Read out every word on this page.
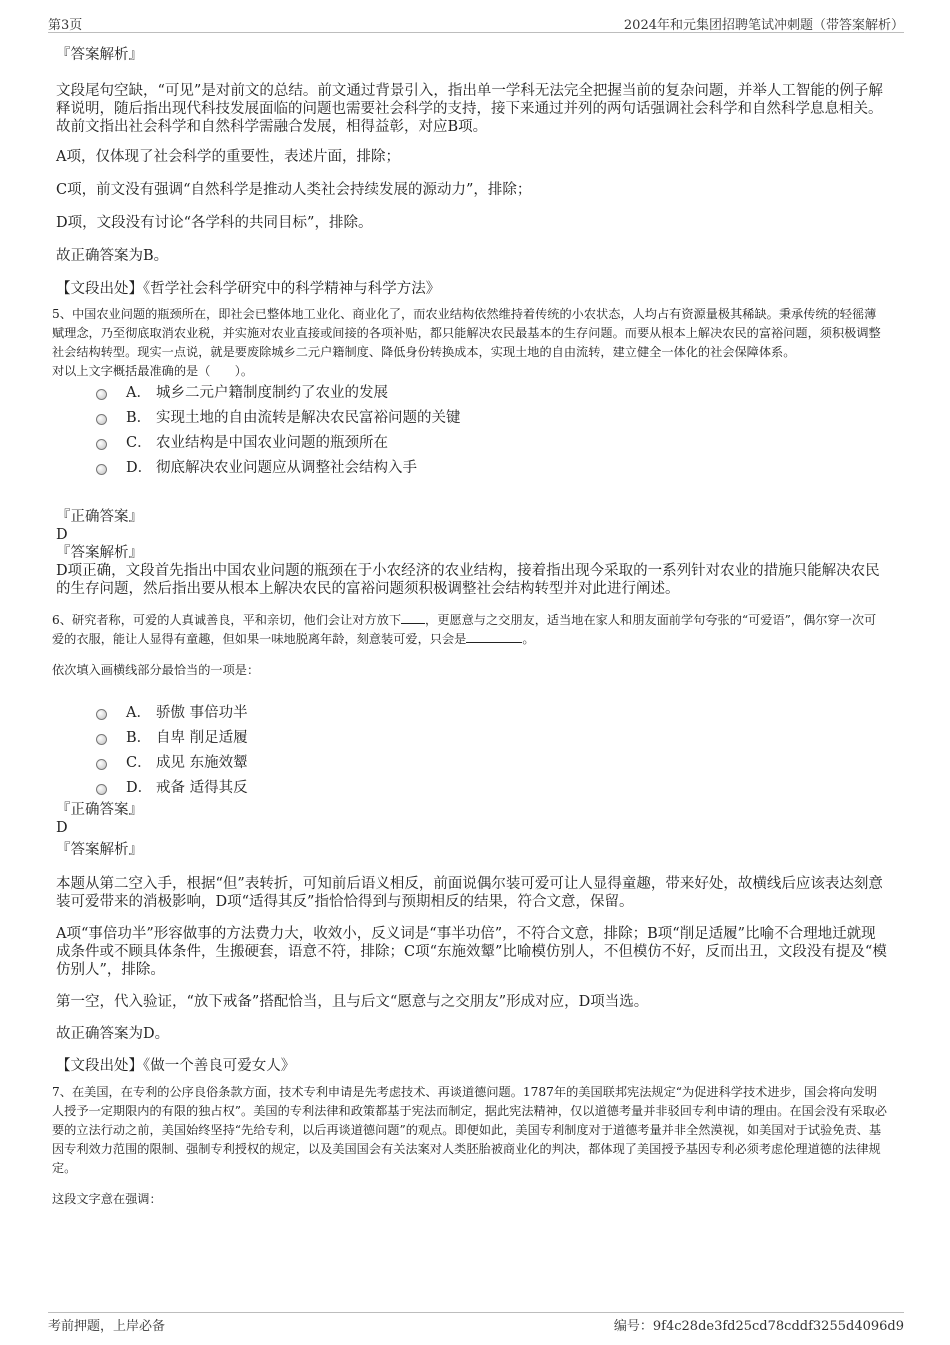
第3页	2024年和元集团招聘笔试冲刺题（带答案解析）

『答案解析』

文段尾句空缺，“可见”是对前文的总结。前文通过背景引入，指出单一学科无法完全把握当前的复杂问题，并举人工智能的例子解释说明，随后指出现代科技发展面临的问题也需要社会科学的支持，接下来通过并列的两句话强调社会科学和自然科学息息相关。故前文指出社会科学和自然科学需融合发展，相得益彰，对应B项。

A项，仅体现了社会科学的重要性，表述片面，排除；

C项，前文没有强调“自然科学是推动人类社会持续发展的源动力”，排除；

D项，文段没有讨论“各学科的共同目标”，排除。

故正确答案为B。

【文段出处】《哲学社会科学研究中的科学精神与科学方法》

5、中国农业问题的瓶颈所在，即社会已整体地工业化、商业化了，而农业结构依然维持着传统的小农状态，人均占有资源量极其稀缺。秉承传统的轻徭薄赋理念，乃至彻底取消农业税，并实施对农业直接或间接的各项补贴，都只能解决农民最基本的生存问题。而要从根本上解决农民的富裕问题，须积极调整社会结构转型。现实一点说，就是要废除城乡二元户籍制度、降低身份转换成本，实现土地的自由流转，建立健全一体化的社会保障体系。

对以上文字概括最准确的是（　　）。

A． 城乡二元户籍制度制约了农业的发展
B． 实现土地的自由流转是解决农民富裕问题的关键
C． 农业结构是中国农业问题的瓶颈所在
D． 彻底解决农业问题应从调整社会结构入手

『正确答案』

D

『答案解析』

D项正确，文段首先指出中国农业问题的瓶颈在于小农经济的农业结构，接着指出现今采取的一系列针对农业的措施只能解决农民的生存问题，然后指出要从根本上解决农民的富裕问题须积极调整社会结构转型并对此进行阐述。

6、研究者称，可爱的人真诚善良，平和亲切，他们会让对方放下 ，更愿意与之交朋友，适当地在家人和朋友面前学句夸张的“可爱语”，偶尔穿一次可爱的衣服，能让人显得有童趣，但如果一味地脱离年龄，刻意装可爱，只会是	。

依次填入画横线部分最恰当的一项是：

A． 骄傲 事倍功半
B． 自卑 削足适履
C． 成见 东施效颦
D． 戒备 适得其反

『正确答案』

D

『答案解析』

本题从第二空入手，根据“但”表转折，可知前后语义相反，前面说偶尔装可爱可让人显得童趣，带来好处，故横线后应该表达刻意装可爱带来的消极影响，D项“适得其反”指恰恰得到与预期相反的结果，符合文意，保留。

A项“事倍功半”形容做事的方法费力大，收效小，反义词是“事半功倍”，不符合文意，排除；B项“削足适履”比喻不合理地迁就现成条件或不顾具体条件，生搬硬套，语意不符，排除；C项“东施效颦”比喻模仿别人，不但模仿不好，反而出丑，文段没有提及“模仿别人”，排除。

第一空，代入验证，“放下戒备”搭配恰当，且与后文“愿意与之交朋友”形成对应，D项当选。

故正确答案为D。

【文段出处】《做一个善良可爱女人》

7、在美国，在专利的公序良俗条款方面，技术专利申请是先考虑技术、再谈道德问题。1787年的美国联邦宪法规定“为促进科学技术进步，国会将向发明人授予一定期限内的有限的独占权”。美国的专利法律和政策都基于宪法而制定，据此宪法精神，仅以道德考量并非驳回专利申请的理由。在国会没有采取必要的立法行动之前，美国始终坚持“先给专利，以后再谈道德问题”的观点。即便如此，美国专利制度对于道德考量并非全然漠视，如美国对于试验免责、基因专利效力范围的限制、强制专利授权的规定，以及美国国会有关法案对人类胚胎被商业化的判决，都体现了美国授予基因专利必须考虑伦理道德的法律规定。

这段文字意在强调：

考前押题，上岸必备	编号：9f4c28de3fd25cd78cddf3255d4096d9
